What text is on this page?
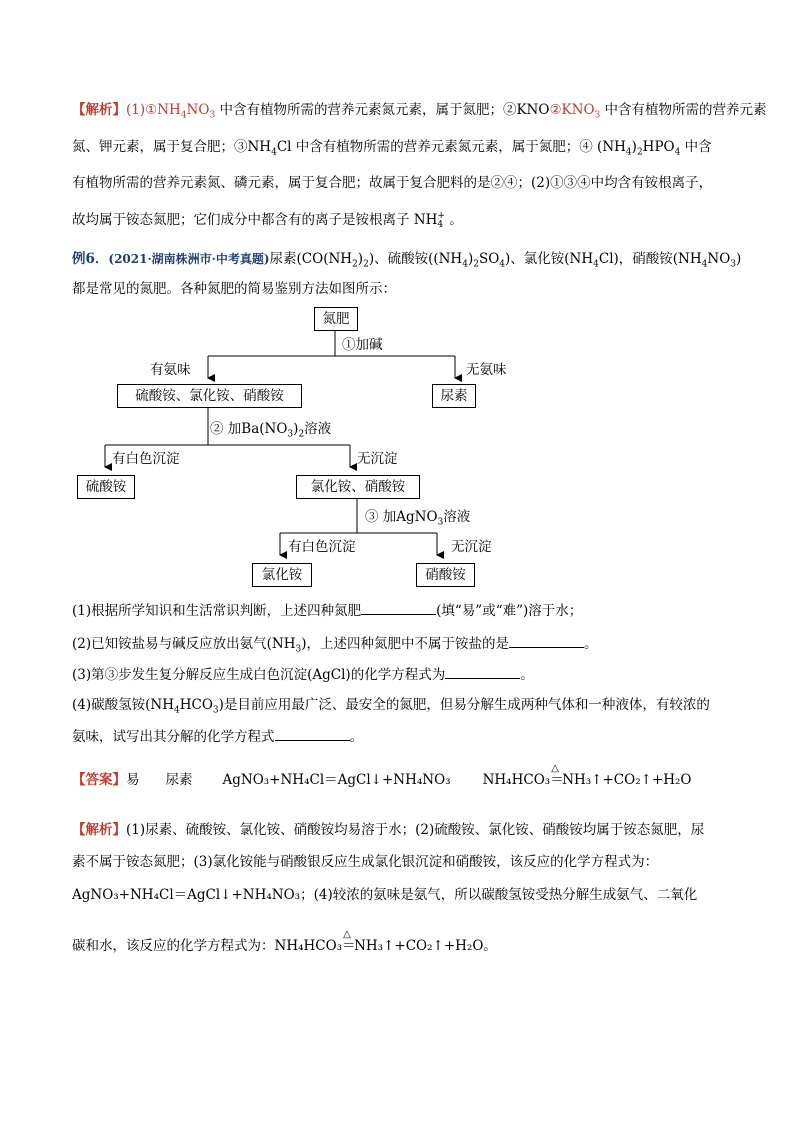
【解析】$(1)①NH_4NO_3$ 中含有植物所需的营养元素氮元素，属于氮肥；$②KNO②KNO_3$ 中含有植物所需的营养元素
氮、钾元素，属于复合肥；$③NH_4Cl$ 中含有植物所需的营养元素氮元素，属于氮肥；④ $(NH_4)_2HPO_4$ 中含
有植物所需的营养元素氮、磷元素，属于复合肥；故属于复合肥料的是②④；(2)①③④中均含有铵根离子，
故均属于铵态氮肥；它们成分中都含有的离子是铵根离子 NH +
4 。
例6．(2021·湖南株洲市·中考真题)尿素$(CO(NH_2)_2)$、硫酸铵$((NH_4)_2SO_4)$、氯化铵$(NH_4Cl)$，硝酸铵$(NH_4NO_3)$
都是常见的氮肥。各种氮肥的简易鉴别方法如图所示：
氮肥
①加碱
有氨味	无氨味
硫酸铵、氯化铵、硝酸铵	尿素
② 加$Ba(NO_3)_2$溶液
有白色沉淀	无沉淀
硫酸铵	氯化铵、硝酸铵
③ 加AgNO$_3$溶液
有白色沉淀	无沉淀
氯化铵	硝酸铵
(1)根据所学知识和生活常识判断，上述四种氮肥	(填“易”或“难”)溶于水；
(2)已知铵盐易与碱反应放出氨气$(NH_3)$，上述四种氮肥中不属于铵盐的是	。
(3)第③步发生复分解反应生成白色沉淀(AgCl)的化学方程式为	。
(4)碳酸氢铵$(NH_4HCO_3)$是目前应用最广泛、最安全的氮肥，但易分解生成两种气体和一种液体，有较浓的
氨味，试写出其分解的化学方程式	。
【答案】易 尿素 AgNO₃+NH₄Cl＝AgCl↓+NH₄NO₃ NH₄HCO₃＝
△
NH₃↑+CO₂↑+H₂O
【解析】(1)尿素、硫酸铵、氯化铵、硝酸铵均易溶于水；(2)硫酸铵、氯化铵、硝酸铵均属于铵态氮肥，尿
素不属于铵态氮肥；(3)氯化铵能与硝酸银反应生成氯化银沉淀和硝酸铵，该反应的化学方程式为：
AgNO₃+NH₄Cl＝AgCl↓+NH₄NO₃；(4)较浓的氨味是氨气，所以碳酸氢铵受热分解生成氨气、二氧化
碳和水，该反应的化学方程式为：NH₄HCO₃＝
△
NH₃↑+CO₂↑+H₂O。
